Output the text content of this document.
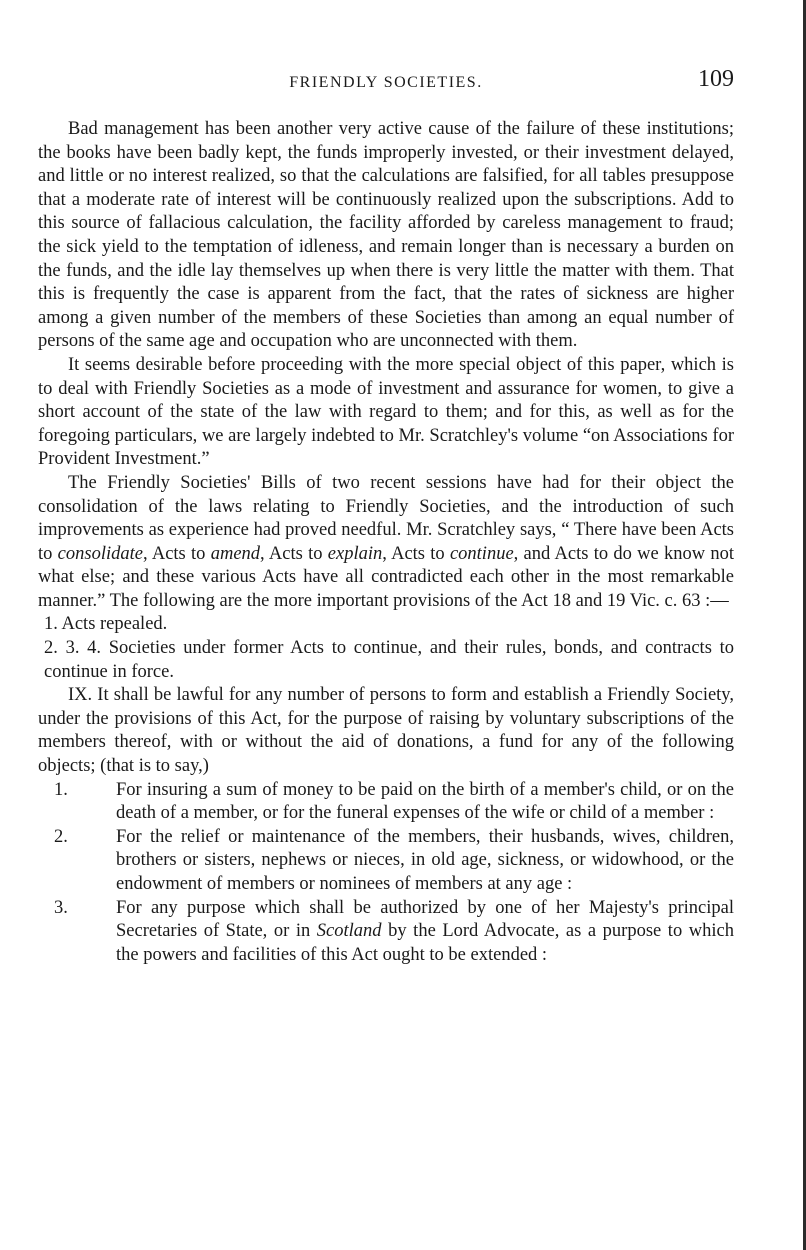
FRIENDLY SOCIETIES.	109

Bad management has been another very active cause of the failure of these institutions; the books have been badly kept, the funds improperly invested, or their investment delayed, and little or no interest realized, so that the calculations are falsified, for all tables presuppose that a moderate rate of interest will be continuously realized upon the subscriptions. Add to this source of fallacious calculation, the facility afforded by careless management to fraud; the sick yield to the temptation of idleness, and remain longer than is necessary a burden on the funds, and the idle lay themselves up when there is very little the matter with them. That this is frequently the case is apparent from the fact, that the rates of sickness are higher among a given number of the members of these Societies than among an equal number of persons of the same age and occupation who are unconnected with them.

It seems desirable before proceeding with the more special object of this paper, which is to deal with Friendly Societies as a mode of investment and assurance for women, to give a short account of the state of the law with regard to them; and for this, as well as for the foregoing particulars, we are largely indebted to Mr. Scratchley's volume “on Associations for Provident Investment.”

The Friendly Societies' Bills of two recent sessions have had for their object the consolidation of the laws relating to Friendly Societies, and the introduction of such improvements as experience had proved needful. Mr. Scratchley says, “ There have been Acts to consolidate, Acts to amend, Acts to explain, Acts to continue, and Acts to do we know not what else; and these various Acts have all contradicted each other in the most remarkable manner.” The following are the more important provisions of the Act 18 and 19 Vic. c. 63 :—

1. Acts repealed.

2. 3. 4. Societies under former Acts to continue, and their rules, bonds, and contracts to continue in force.

IX. It shall be lawful for any number of persons to form and establish a Friendly Society, under the provisions of this Act, for the purpose of raising by voluntary subscriptions of the members thereof, with or without the aid of donations, a fund for any of the following objects; (that is to say,)

1.	For insuring a sum of money to be paid on the birth of a member's child, or on the death of a member, or for the funeral expenses of the wife or child of a member :
2.	For the relief or maintenance of the members, their husbands, wives, children, brothers or sisters, nephews or nieces, in old age, sickness, or widowhood, or the endowment of members or nominees of members at any age :
3.	For any purpose which shall be authorized by one of her Majesty's principal Secretaries of State, or in Scotland by the Lord Advocate, as a purpose to which the powers and facilities of this Act ought to be extended :
